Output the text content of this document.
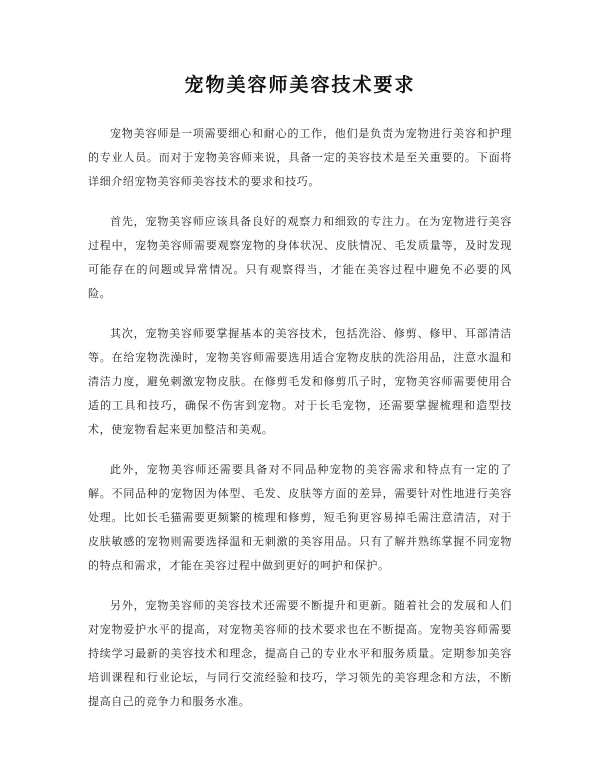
宠物美容师美容技术要求

宠物美容师是一项需要细心和耐心的工作，他们是负责为宠物进行美容和护理的专业人员。而对于宠物美容师来说，具备一定的美容技术是至关重要的。下面将详细介绍宠物美容师美容技术的要求和技巧。

首先，宠物美容师应该具备良好的观察力和细致的专注力。在为宠物进行美容过程中，宠物美容师需要观察宠物的身体状况、皮肤情况、毛发质量等，及时发现可能存在的问题或异常情况。只有观察得当，才能在美容过程中避免不必要的风险。

其次，宠物美容师要掌握基本的美容技术，包括洗浴、修剪、修甲、耳部清洁等。在给宠物洗澡时，宠物美容师需要选用适合宠物皮肤的洗浴用品，注意水温和清洁力度，避免刺激宠物皮肤。在修剪毛发和修剪爪子时，宠物美容师需要使用合适的工具和技巧，确保不伤害到宠物。对于长毛宠物，还需要掌握梳理和造型技术，使宠物看起来更加整洁和美观。

此外，宠物美容师还需要具备对不同品种宠物的美容需求和特点有一定的了解。不同品种的宠物因为体型、毛发、皮肤等方面的差异，需要针对性地进行美容处理。比如长毛猫需要更频繁的梳理和修剪，短毛狗更容易掉毛需注意清洁，对于皮肤敏感的宠物则需要选择温和无刺激的美容用品。只有了解并熟练掌握不同宠物的特点和需求，才能在美容过程中做到更好的呵护和保护。

另外，宠物美容师的美容技术还需要不断提升和更新。随着社会的发展和人们对宠物爱护水平的提高，对宠物美容师的技术要求也在不断提高。宠物美容师需要持续学习最新的美容技术和理念，提高自己的专业水平和服务质量。定期参加美容培训课程和行业论坛，与同行交流经验和技巧，学习领先的美容理念和方法，不断提高自己的竞争力和服务水准。
